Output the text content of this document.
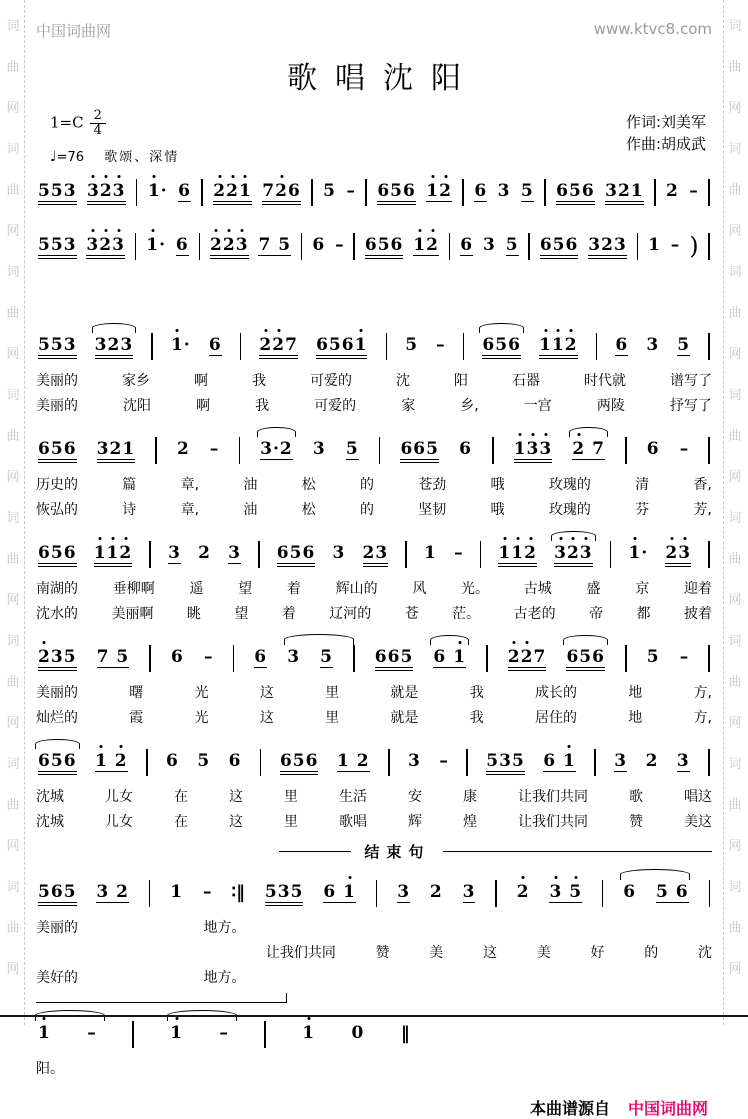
词
曲
网
词
曲
网
词
曲
网
词
曲
网
词
曲
网
词
曲
网
词
曲
网
词
曲
网
词
曲
网
词
曲
网
词
曲
网
词
曲
网
词
曲
网
词
曲
网
词
曲
网
词
曲
网
中国词曲网	www.ktvc8.com
歌唱沈阳
$1=C \frac{2}{4}$
♩=76 歌颂、深情
作词:刘美军
作曲:胡成武
553 323 1· 6 221 726 5 – 656 12 6 3 5 656 321 2 –
553 323 1· 6 223 7 5 6 – 656 12 6 3 5 656 323 1 – )
553 323 1· 6 227 6561 5 – 656 112 6 3 5
美丽的	家乡	啊	我	可爱的	沈	阳	石器	时代就	谱写了
美丽的	沈阳	啊	我	可爱的	家	乡,	一宫	两陵	抒写了
656 321 2 – 3·2 3 5 665 6 133 2 7 6 –
历史的	篇	章,	油	松	的	苍劲	哦	玫瑰的	清	香,
恢弘的	诗	章,	油	松	的	坚韧	哦	玫瑰的	芬	芳,
656 112 3 2 3 656 3 23 1 – 112 323 1· 23
南湖的 垂柳啊 遥 望 着 辉山的 风 光。 古城 盛 京 迎着
沈水的 美丽啊 眺 望 着 辽河的 苍 茫。 古老的 帝 都 披着
235 7 5 6 – 6 3 5 665 6 1 227 656 5 –
美丽的	曙	光	这	里	就是	我	成长的	地	方,
灿烂的	霞	光	这	里	就是	我	居住的	地	方,
656 1 2 6 5 6 656 1 2 3 – 535 6 1 3 2 3
沈城	儿女	在	这	里	生活	安	康	让我们共同	歌	唱这
沈城	儿女	在	这	里	歌唱	辉	煌	让我们共同	赞	美这
结束句
565 3 2 1 – ∶‖ 535 6 1 3 2 3 2 3 5 6 5 6
美丽的	地方。
让我们共同	赞	美	这	美	好	的	沈
美好的	地方。
1 –	1 –	1 0 ‖
阳。
本曲谱源自 中国词曲网
